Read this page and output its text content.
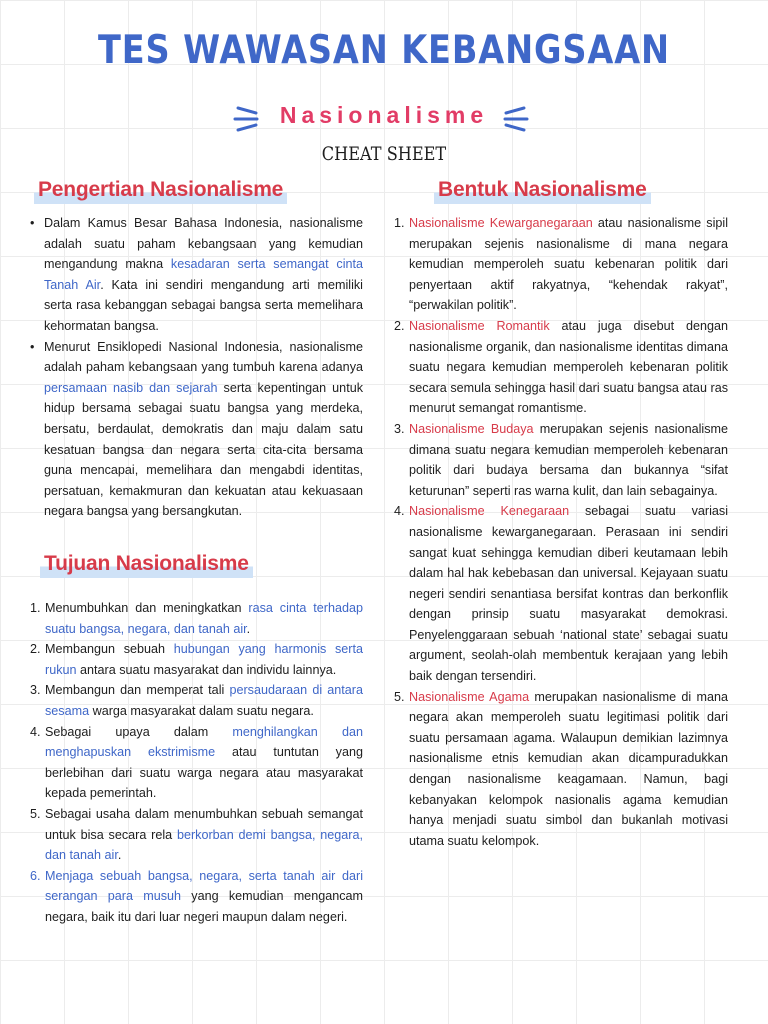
TES WAWASAN KEBANGSAAN
Nasionalisme
CHEAT SHEET
Pengertian Nasionalisme

• Dalam Kamus Besar Bahasa Indonesia, nasionalisme adalah suatu paham kebangsaan yang kemudian mengandung makna kesadaran serta semangat cinta Tanah Air. Kata ini sendiri mengandung arti memiliki serta rasa kebanggan sebagai bangsa serta memelihara kehormatan bangsa.

• Menurut Ensiklopedi Nasional Indonesia, nasionalisme adalah paham kebangsaan yang tumbuh karena adanya persamaan nasib dan sejarah serta kepentingan untuk hidup bersama sebagai suatu bangsa yang merdeka, bersatu, berdaulat, demokratis dan maju dalam satu kesatuan bangsa dan negara serta cita-cita bersama guna mencapai, memelihara dan mengabdi identitas, persatuan, kemakmuran dan kekuatan atau kekuasaan negara bangsa yang bersangkutan.

Tujuan Nasionalisme

1. Menumbuhkan dan meningkatkan rasa cinta terhadap suatu bangsa, negara, dan tanah air.

2. Membangun sebuah hubungan yang harmonis serta rukun antara suatu masyarakat dan individu lainnya.

3. Membangun dan memperat tali persaudaraan di antara sesama warga masyarakat dalam suatu negara.

4. Sebagai upaya dalam menghilangkan dan menghapuskan ekstrimisme atau tuntutan yang berlebihan dari suatu warga negara atau masyarakat kepada pemerintah.

5. Sebagai usaha dalam menumbuhkan sebuah semangat untuk bisa secara rela berkorban demi bangsa, negara, dan tanah air.

6. Menjaga sebuah bangsa, negara, serta tanah air dari serangan para musuh yang kemudian mengancam negara, baik itu dari luar negeri maupun dalam negeri.

Bentuk Nasionalisme

1. Nasionalisme Kewarganegaraan atau nasionalisme sipil merupakan sejenis nasionalisme di mana negara kemudian memperoleh suatu kebenaran politik dari penyertaan aktif rakyatnya, “kehendak rakyat”, “perwakilan politik”.

2. Nasionalisme Romantik atau juga disebut dengan nasionalisme organik, dan nasionalisme identitas dimana suatu negara kemudian memperoleh kebenaran politik secara semula sehingga hasil dari suatu bangsa atau ras menurut semangat romantisme.

3. Nasionalisme Budaya merupakan sejenis nasionalisme dimana suatu negara kemudian memperoleh kebenaran politik dari budaya bersama dan bukannya “sifat keturunan” seperti ras warna kulit, dan lain sebagainya.

4. Nasionalisme Kenegaraan sebagai suatu variasi nasionalisme kewarganegaraan. Perasaan ini sendiri sangat kuat sehingga kemudian diberi keutamaan lebih dalam hal hak kebebasan dan universal. Kejayaan suatu negeri sendiri senantiasa bersifat kontras dan berkonflik dengan prinsip suatu masyarakat demokrasi. Penyelenggaraan sebuah ‘national state’ sebagai suatu argument, seolah-olah membentuk kerajaan yang lebih baik dengan tersendiri.

5. Nasionalisme Agama merupakan nasionalisme di mana negara akan memperoleh suatu legitimasi politik dari suatu persamaan agama. Walaupun demikian lazimnya nasionalisme etnis kemudian akan dicampuradukkan dengan nasionalisme keagamaan. Namun, bagi kebanyakan kelompok nasionalis agama kemudian hanya menjadi suatu simbol dan bukanlah motivasi utama suatu kelompok.
